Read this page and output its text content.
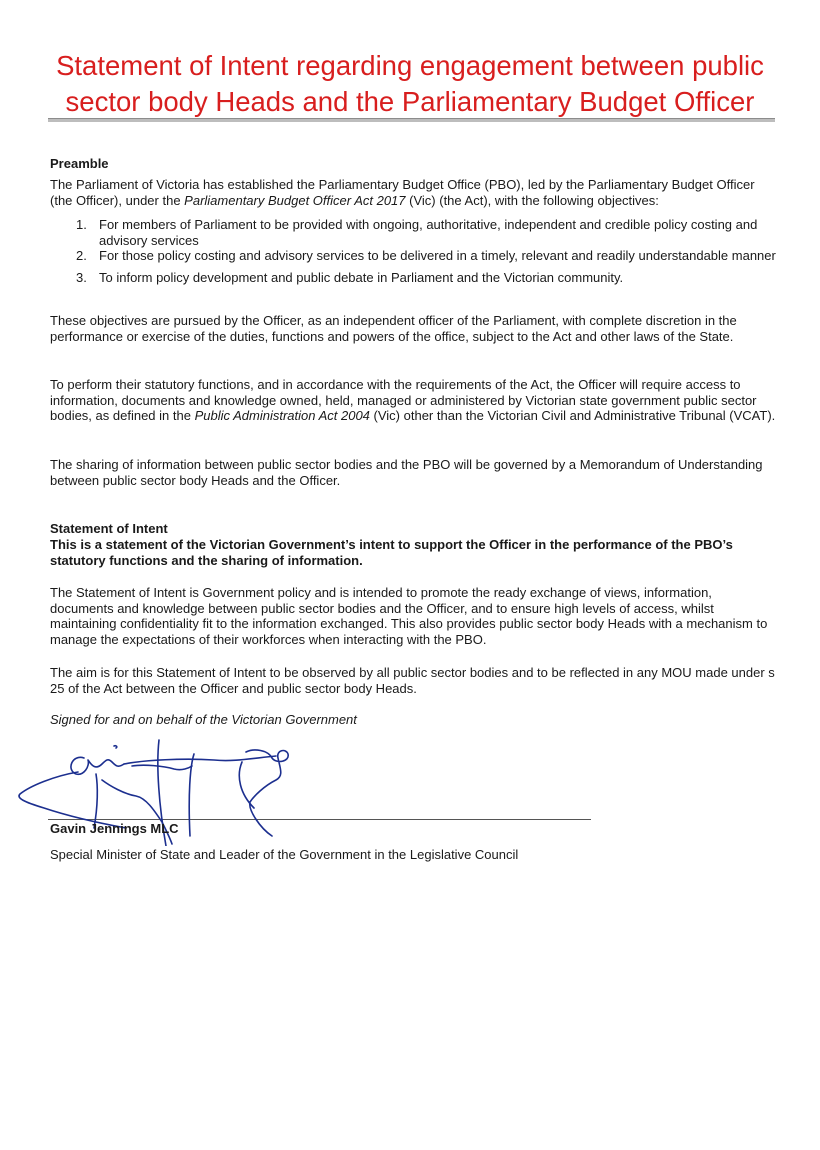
Statement of Intent regarding engagement between public sector body Heads and the Parliamentary Budget Officer
Preamble
The Parliament of Victoria has established the Parliamentary Budget Office (PBO), led by the Parliamentary Budget Officer (the Officer), under the Parliamentary Budget Officer Act 2017 (Vic) (the Act), with the following objectives:
1. For members of Parliament to be provided with ongoing, authoritative, independent and credible policy costing and advisory services
2. For those policy costing and advisory services to be delivered in a timely, relevant and readily understandable manner
3. To inform policy development and public debate in Parliament and the Victorian community.
These objectives are pursued by the Officer, as an independent officer of the Parliament, with complete discretion in the performance or exercise of the duties, functions and powers of the office, subject to the Act and other laws of the State.
To perform their statutory functions, and in accordance with the requirements of the Act, the Officer will require access to information, documents and knowledge owned, held, managed or administered by Victorian state government public sector bodies, as defined in the Public Administration Act 2004 (Vic) other than the Victorian Civil and Administrative Tribunal (VCAT).
The sharing of information between public sector bodies and the PBO will be governed by a Memorandum of Understanding between public sector body Heads and the Officer.
Statement of Intent
This is a statement of the Victorian Government’s intent to support the Officer in the performance of the PBO’s statutory functions and the sharing of information.
The Statement of Intent is Government policy and is intended to promote the ready exchange of views, information, documents and knowledge between public sector bodies and the Officer, and to ensure high levels of access, whilst maintaining confidentiality fit to the information exchanged. This also provides public sector body Heads with a mechanism to manage the expectations of their workforces when interacting with the PBO.
The aim is for this Statement of Intent to be observed by all public sector bodies and to be reflected in any MOU made under s 25 of the Act between the Officer and public sector body Heads.
Signed for and on behalf of the Victorian Government
Gavin Jennings MLC
Special Minister of State and Leader of the Government in the Legislative Council
